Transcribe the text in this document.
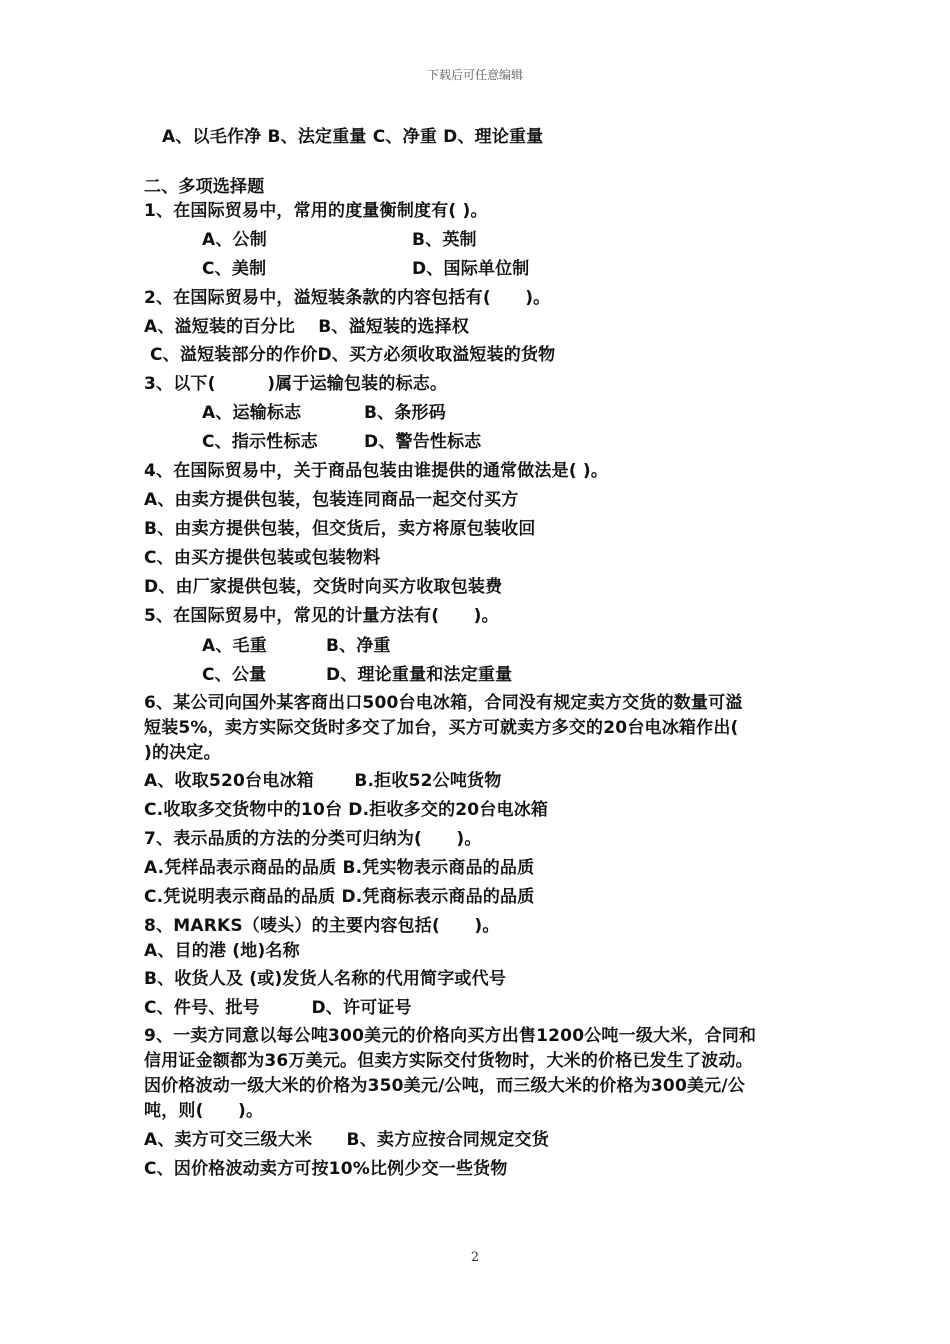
下载后可任意编辑
A、以毛作净 B、法定重量 C、净重 D、理论重量
二、多项选择题
1、在国际贸易中，常用的度量衡制度有( )。
A、公制	B、英制
C、美制	D、国际单位制
2、在国际贸易中，溢短装条款的内容包括有(　　)。
A、溢短装的百分比　 B、溢短装的选择权
C、溢短装部分的作价D、买方必须收取溢短装的货物
3、以下(　　　)属于运输包装的标志。
A、运输标志	B、条形码
C、指示性标志	D、警告性标志
4、在国际贸易中，关于商品包装由谁提供的通常做法是( )。
A、由卖方提供包装，包装连同商品一起交付买方
B、由卖方提供包装，但交货后，卖方将原包装收回
C、由买方提供包装或包装物料
D、由厂家提供包装，交货时向买方收取包装费
5、在国际贸易中，常见的计量方法有(　　)。
A、毛重	B、净重
C、公量	D、理论重量和法定重量
6、某公司向国外某客商出口500台电冰箱，合同没有规定卖方交货的数量可溢
短装5%，卖方实际交货时多交了加台，买方可就卖方多交的20台电冰箱作出(
)的决定。
A、收取520台电冰箱　　 B.拒收52公吨货物
C.收取多交货物中的10台 D.拒收多交的20台电冰箱
7、表示品质的方法的分类可归纳为(　　)。
A.凭样品表示商品的品质 B.凭实物表示商品的品质
C.凭说明表示商品的品质 D.凭商标表示商品的品质
8、MARKS（唛头）的主要内容包括(　　)。
A、目的港 (地)名称
B、收货人及 (或)发货人名称的代用简字或代号
C、件号、批号　　　D、许可证号
9、一卖方同意以每公吨300美元的价格向买方出售1200公吨一级大米，合同和
信用证金额都为36万美元。但卖方实际交付货物时，大米的价格已发生了波动。
因价格波动一级大米的价格为350美元/公吨，而三级大米的价格为300美元/公
吨，则(　　)。
A、卖方可交三级大米　　B、卖方应按合同规定交货
C、因价格波动卖方可按10%比例少交一些货物
2
